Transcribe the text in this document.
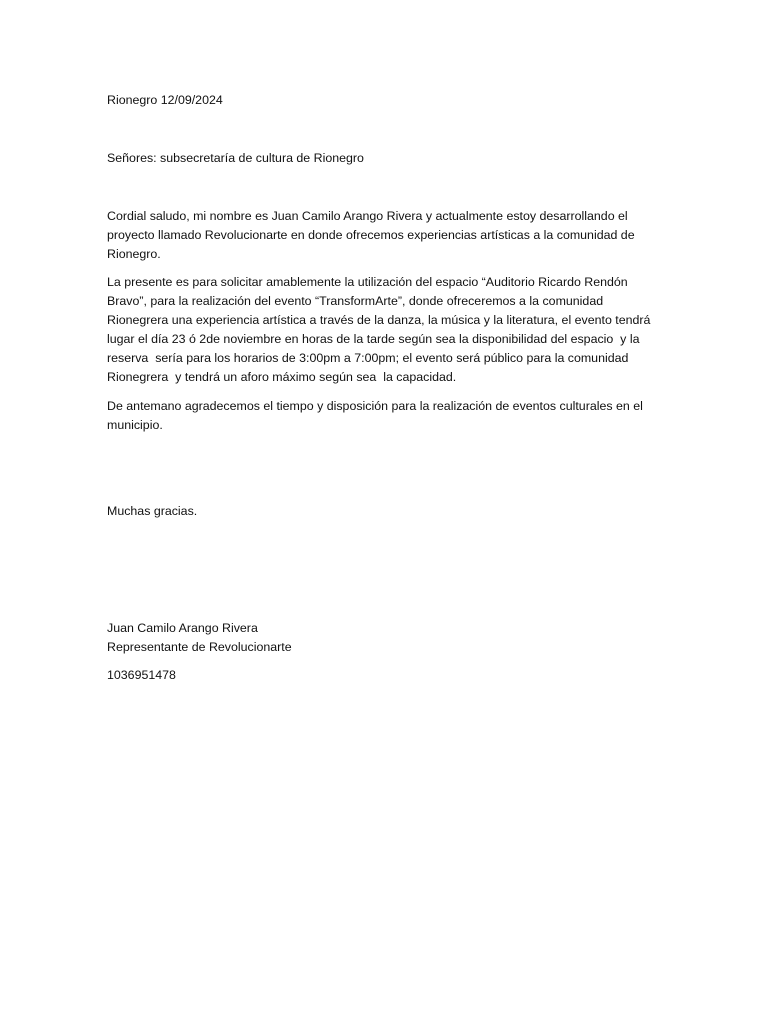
Rionegro 12/09/2024

Señores: subsecretaría de cultura de Rionegro

Cordial saludo, mi nombre es Juan Camilo Arango Rivera y actualmente estoy desarrollando el
proyecto llamado Revolucionarte en donde ofrecemos experiencias artísticas a la comunidad de
Rionegro.
La presente es para solicitar amablemente la utilización del espacio “Auditorio Ricardo Rendón
Bravo”, para la realización del evento “TransformArte”, donde ofreceremos a la comunidad
Rionegrera una experiencia artística a través de la danza, la música y la literatura, el evento tendrá
lugar el día 23 ó 2de noviembre en horas de la tarde según sea la disponibilidad del espacio  y la
reserva  sería para los horarios de 3:00pm a 7:00pm; el evento será público para la comunidad
Rionegrera  y tendrá un aforo máximo según sea  la capacidad.
De antemano agradecemos el tiempo y disposición para la realización de eventos culturales en el
municipio.

Muchas gracias.

Juan Camilo Arango Rivera

Representante de Revolucionarte

1036951478
